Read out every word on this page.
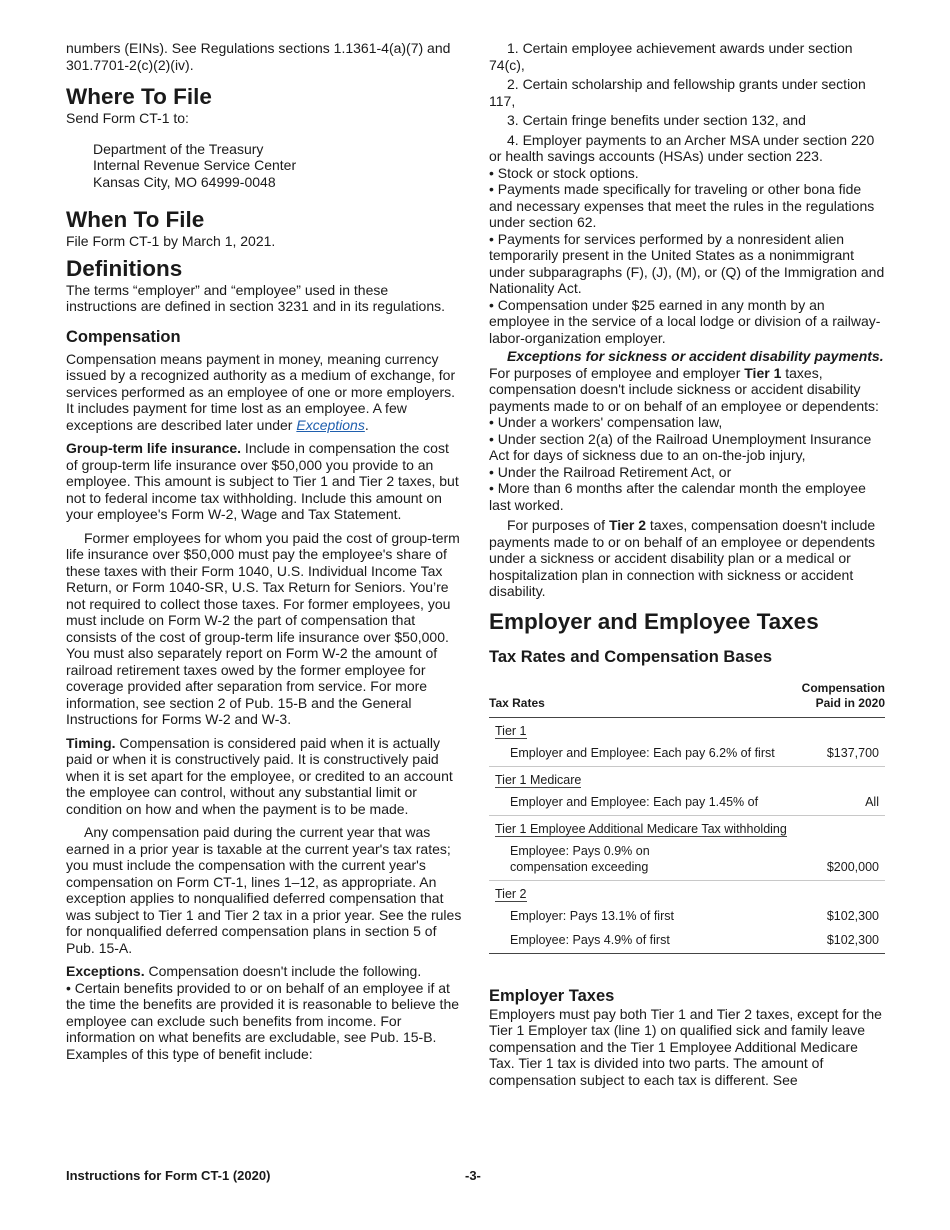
numbers (EINs). See Regulations sections 1.1361-4(a)(7) and 301.7701-2(c)(2)(iv).

Where To File

Send Form CT-1 to:

Department of the Treasury

Internal Revenue Service Center

Kansas City, MO 64999-0048

When To File

File Form CT-1 by March 1, 2021.

Definitions

The terms “employer” and “employee” used in these instructions are defined in section 3231 and in its regulations.

Compensation

Compensation means payment in money, meaning currency issued by a recognized authority as a medium of exchange, for services performed as an employee of one or more employers. It includes payment for time lost as an employee. A few exceptions are described later under Exceptions.

Group-term life insurance. Include in compensation the cost of group-term life insurance over $50,000 you provide to an employee. This amount is subject to Tier 1 and Tier 2 taxes, but not to federal income tax withholding. Include this amount on your employee's Form W-2, Wage and Tax Statement.

Former employees for whom you paid the cost of group-term life insurance over $50,000 must pay the employee's share of these taxes with their Form 1040, U.S. Individual Income Tax Return, or Form 1040-SR, U.S. Tax Return for Seniors. You’re not required to collect those taxes. For former employees, you must include on Form W-2 the part of compensation that consists of the cost of group-term life insurance over $50,000. You must also separately report on Form W-2 the amount of railroad retirement taxes owed by the former employee for coverage provided after separation from service. For more information, see section 2 of Pub. 15-B and the General Instructions for Forms W-2 and W-3.

Timing. Compensation is considered paid when it is actually paid or when it is constructively paid. It is constructively paid when it is set apart for the employee, or credited to an account the employee can control, without any substantial limit or condition on how and when the payment is to be made.

Any compensation paid during the current year that was earned in a prior year is taxable at the current year's tax rates; you must include the compensation with the current year's compensation on Form CT-1, lines 1–12, as appropriate. An exception applies to nonqualified deferred compensation that was subject to Tier 1 and Tier 2 tax in a prior year. See the rules for nonqualified deferred compensation plans in section 5 of Pub. 15-A.

Exceptions. Compensation doesn't include the following.

• Certain benefits provided to or on behalf of an employee if at the time the benefits are provided it is reasonable to believe the employee can exclude such benefits from income. For information on what benefits are excludable, see Pub. 15-B. Examples of this type of benefit include:

1. Certain employee achievement awards under section 74(c),

2. Certain scholarship and fellowship grants under section 117,

3. Certain fringe benefits under section 132, and

4. Employer payments to an Archer MSA under section 220 or health savings accounts (HSAs) under section 223.

• Stock or stock options.

• Payments made specifically for traveling or other bona fide and necessary expenses that meet the rules in the regulations under section 62.

• Payments for services performed by a nonresident alien temporarily present in the United States as a nonimmigrant under subparagraphs (F), (J), (M), or (Q) of the Immigration and Nationality Act.

• Compensation under $25 earned in any month by an employee in the service of a local lodge or division of a railway-labor-organization employer.

Exceptions for sickness or accident disability payments. For purposes of employee and employer Tier 1 taxes, compensation doesn't include sickness or accident disability payments made to or on behalf of an employee or dependents:

• Under a workers' compensation law,

• Under section 2(a) of the Railroad Unemployment Insurance Act for days of sickness due to an on-the-job injury,

• Under the Railroad Retirement Act, or

• More than 6 months after the calendar month the employee last worked.

For purposes of Tier 2 taxes, compensation doesn't include payments made to or on behalf of an employee or dependents under a sickness or accident disability plan or a medical or hospitalization plan in connection with sickness or accident disability.

Employer and Employee Taxes
Tax Rates and Compensation Bases
Tax Rates
Compensation
Paid in 2020
Tier 1
Employer and Employee: Each pay 6.2% of first	$137,700
Tier 1 Medicare
Employer and Employee: Each pay 1.45% of	All
Tier 1 Employee Additional Medicare Tax withholding
Employee: Pays 0.9% on compensation exceeding	$200,000
Tier 2
Employer: Pays 13.1% of first	$102,300
Employee: Pays 4.9% of first	$102,300
Employer Taxes

Employers must pay both Tier 1 and Tier 2 taxes, except for the Tier 1 Employer tax (line 1) on qualified sick and family leave compensation and the Tier 1 Employee Additional Medicare Tax. Tier 1 tax is divided into two parts. The amount of compensation subject to each tax is different. See

Instructions for Form CT-1 (2020)	-3-
